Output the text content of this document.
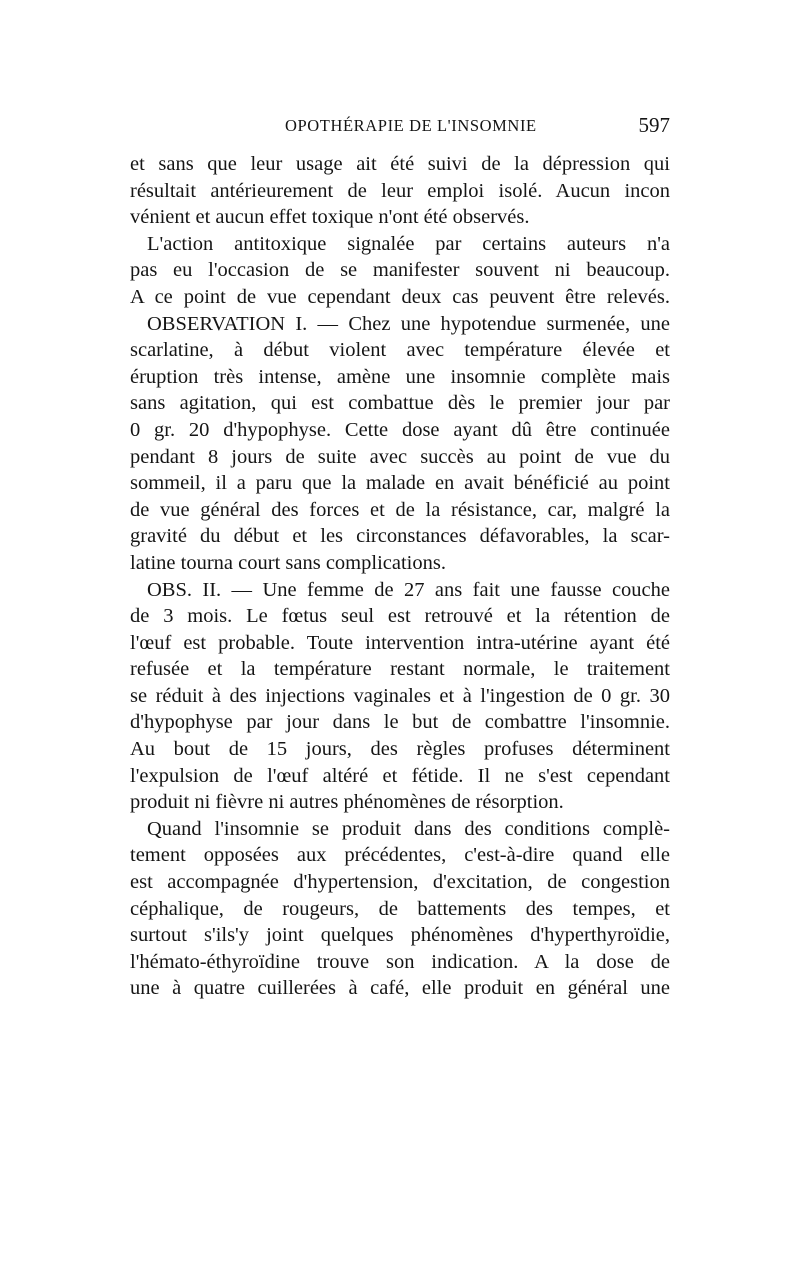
OPOTHÉRAPIE DE L'INSOMNIE	597
et sans que leur usage ait été suivi de la dépression qui
résultait antérieurement de leur emploi isolé. Aucun incon
vénient et aucun effet toxique n'ont été observés.
L'action antitoxique signalée par certains auteurs n'a
pas eu l'occasion de se manifester souvent ni beaucoup.
A ce point de vue cependant deux cas peuvent être relevés.
OBSERVATION I. — Chez une hypotendue surmenée, une
scarlatine, à début violent avec température élevée et
éruption très intense, amène une insomnie complète mais
sans agitation, qui est combattue dès le premier jour par
0 gr. 20 d'hypophyse. Cette dose ayant dû être continuée
pendant 8 jours de suite avec succès au point de vue du
sommeil, il a paru que la malade en avait bénéficié au point
de vue général des forces et de la résistance, car, malgré la
gravité du début et les circonstances défavorables, la scar-
latine tourna court sans complications.
OBS. II. — Une femme de 27 ans fait une fausse couche
de 3 mois. Le fœtus seul est retrouvé et la rétention de
l'œuf est probable. Toute intervention intra-utérine ayant été
refusée et la température restant normale, le traitement
se réduit à des injections vaginales et à l'ingestion de 0 gr. 30
d'hypophyse par jour dans le but de combattre l'insomnie.
Au bout de 15 jours, des règles profuses déterminent
l'expulsion de l'œuf altéré et fétide. Il ne s'est cependant
produit ni fièvre ni autres phénomènes de résorption.
Quand l'insomnie se produit dans des conditions complè-
tement opposées aux précédentes, c'est-à-dire quand elle
est accompagnée d'hypertension, d'excitation, de congestion
céphalique, de rougeurs, de battements des tempes, et
surtout s'ils'y joint quelques phénomènes d'hyperthyroïdie,
l'hémato-éthyroïdine trouve son indication. A la dose de
une à quatre cuillerées à café, elle produit en général une
